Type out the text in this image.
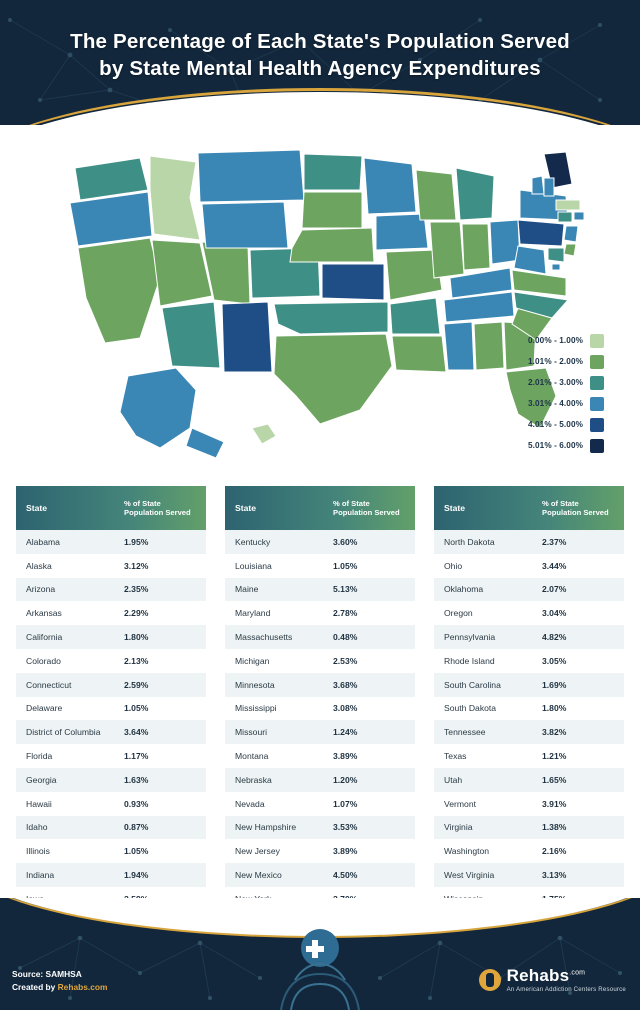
The Percentage of Each State's Population Served
by State Mental Health Agency Expenditures
0.00% - 1.00%
1.01% - 2.00%
2.01% - 3.00%
3.01% - 4.00%
4.01% - 5.00%
5.01% - 6.00%
State	% of State Population Served
Alabama	1.95%
Alaska	3.12%
Arizona	2.35%
Arkansas	2.29%
California	1.80%
Colorado	2.13%
Connecticut	2.59%
Delaware	1.05%
District of Columbia	3.64%
Florida	1.17%
Georgia	1.63%
Hawaii	0.93%
Idaho	0.87%
Illinois	1.05%
Indiana	1.94%
State	% of State Population Served
Kentucky	3.60%
Louisiana	1.05%
Maine	5.13%
Maryland	2.78%
Massachusetts	0.48%
Michigan	2.53%
Minnesota	3.68%
Mississippi	3.08%
Missouri	1.24%
Montana	3.89%
Nebraska	1.20%
Nevada	1.07%
New Hampshire	3.53%
New Jersey	3.89%
New Mexico	4.50%
State	% of State Population Served
North Dakota	2.37%
Ohio	3.44%
Oklahoma	2.07%
Oregon	3.04%
Pennsylvania	4.82%
Rhode Island	3.05%
South Carolina	1.69%
South Dakota	1.80%
Tennessee	3.82%
Texas	1.21%
Utah	1.65%
Vermont	3.91%
Virginia	1.38%
Washington	2.16%
West Virginia	3.13%
Source: SAMHSA
Created by Rehabs.com
Rehabs$^{.com}$
An American Addiction Centers Resource
